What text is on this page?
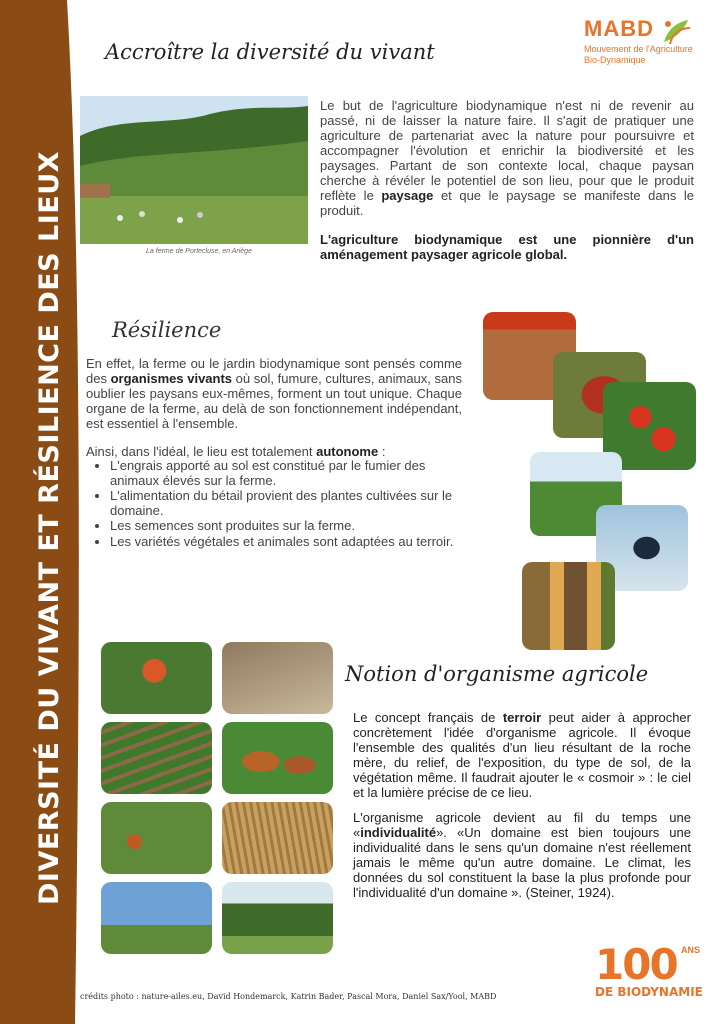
DIVERSITÉ DU VIVANT ET RÉSILIENCE DES LIEUX
MABD
Mouvement de l'Agriculture
Bio-Dynamique
Accroître la diversité du vivant
La ferme de Portecluse, en Ariège

Le but de l'agriculture biodynamique n'est ni de revenir au passé, ni de laisser la nature faire. Il s'agit de pratiquer une agriculture de partenariat avec la nature pour poursuivre et accompagner l'évolution et enrichir la biodiversité et les paysages. Partant de son contexte local, chaque paysan cherche à révéler le potentiel de son lieu, pour que le produit reflète le paysage et que le paysage se manifeste dans le produit.

L'agriculture biodynamique est une pionnière d'un aménagement paysager agricole global.

Résilience

En effet, la ferme ou le jardin biodynamique sont pensés comme des organismes vivants où sol, fumure, cultures, animaux, sans oublier les paysans eux-mêmes, forment un tout unique. Chaque organe de la ferme, au delà de son fonctionnement indépendant, est essentiel à l'ensemble.

Ainsi, dans l'idéal, le lieu est totalement autonome :

• L'engrais apporté au sol est constitué par le fumier des animaux élevés sur la ferme.
• L'alimentation du bétail provient des plantes cultivées sur le domaine.
• Les semences sont produites sur la ferme.
• Les variétés végétales et animales sont adaptées au terroir.
Notion d'organisme agricole

Le concept français de terroir peut aider à approcher concrètement l'idée d'organisme agricole. Il évoque l'ensemble des qualités d'un lieu résultant de la roche mère, du relief, de l'exposition, du type de sol, de la végétation même. Il faudrait ajouter le « cosmoir » : le ciel et la lumière précise de ce lieu.

L'organisme agricole devient au fil du temps une «individualité». «Un domaine est bien toujours une individualité dans le sens qu'un domaine n'est réellement jamais le même qu'un autre domaine. Le climat, les données du sol constituent la base la plus profonde pour l'individualité d'un domaine ». (Steiner, 1924).

crédits photo : nature-ailes.eu, David Hondemarck, Katrin Bader, Pascal Mora, Daniel Sax/Yool, MABD
100 ANS
DE BIODYNAMIE
